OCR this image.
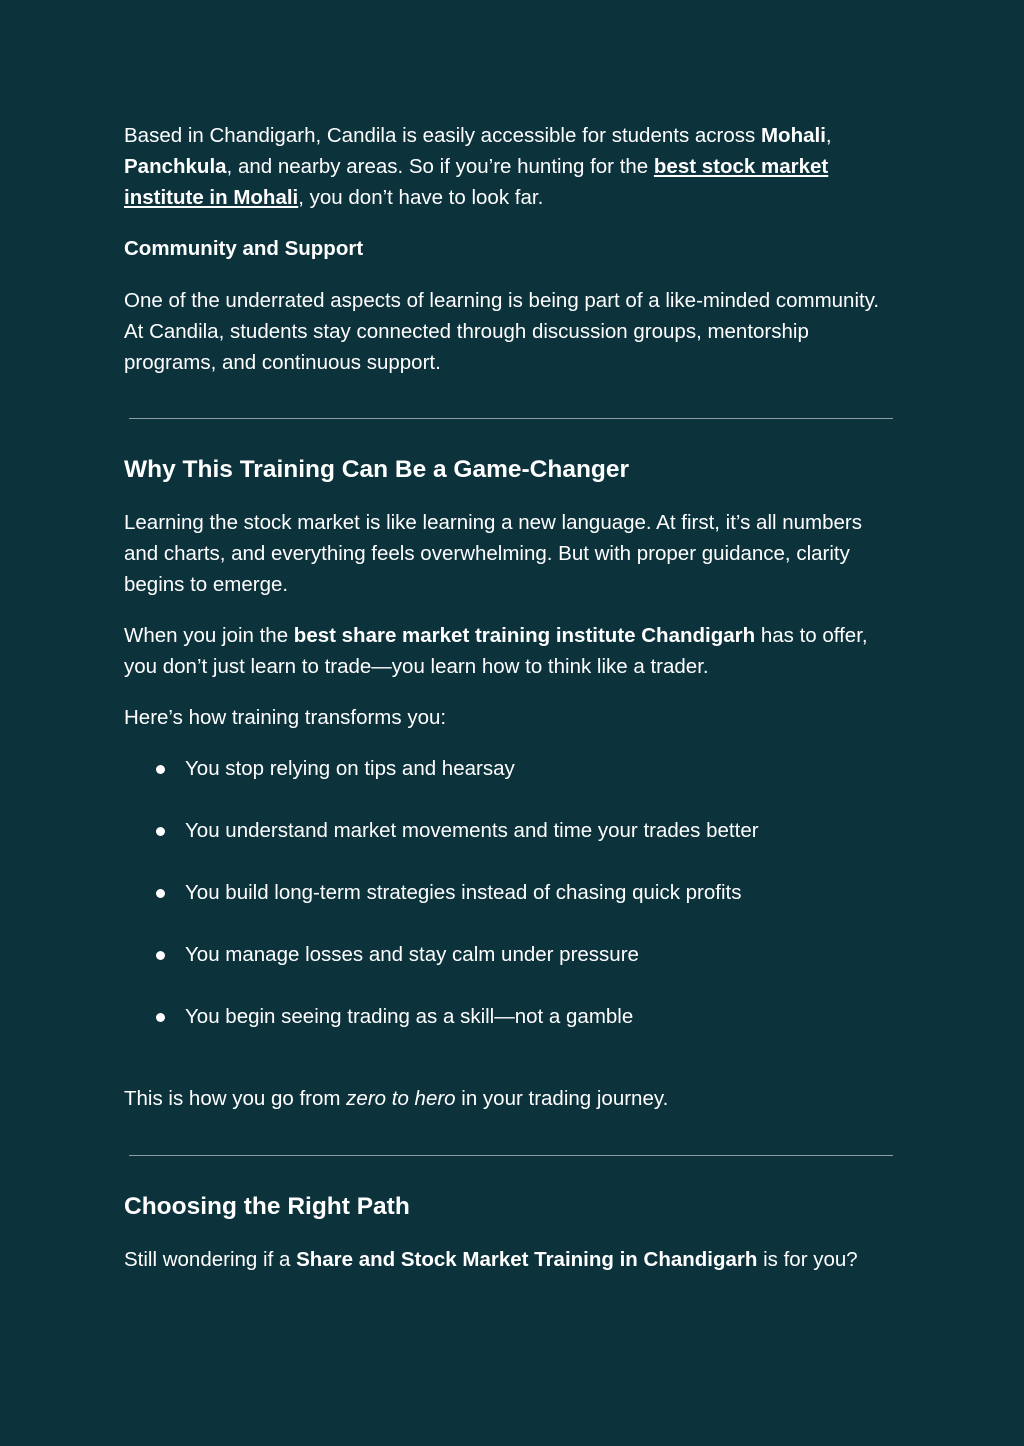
Based in Chandigarh, Candila is easily accessible for students across Mohali, Panchkula, and nearby areas. So if you’re hunting for the best stock market institute in Mohali, you don’t have to look far.

Community and Support

One of the underrated aspects of learning is being part of a like-minded community. At Candila, students stay connected through discussion groups, mentorship programs, and continuous support.

Why This Training Can Be a Game-Changer

Learning the stock market is like learning a new language. At first, it’s all numbers and charts, and everything feels overwhelming. But with proper guidance, clarity begins to emerge.

When you join the best share market training institute Chandigarh has to offer, you don’t just learn to trade—you learn how to think like a trader.

Here’s how training transforms you:

You stop relying on tips and hearsay
You understand market movements and time your trades better
You build long-term strategies instead of chasing quick profits
You manage losses and stay calm under pressure
You begin seeing trading as a skill—not a gamble

This is how you go from zero to hero in your trading journey.

Choosing the Right Path

Still wondering if a Share and Stock Market Training in Chandigarh is for you?
